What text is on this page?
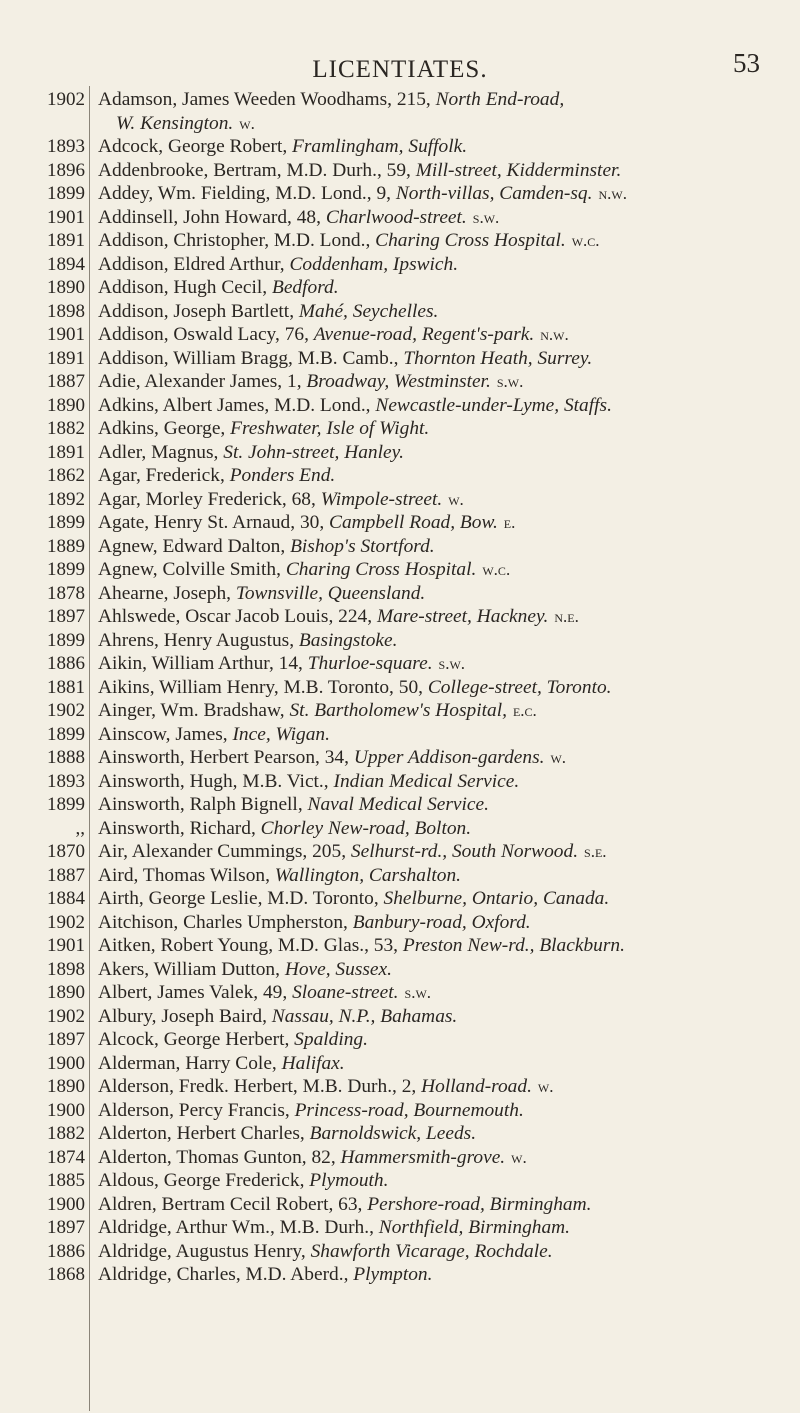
LICENTIATES.	53
1902
1893
1896
1899
1901
1891
1894
1890
1898
1901
1891
1887
1890
1882
1891
1862
1892
1899
1889
1899
1878
1897
1899
1886
1881
1902
1899
1888
1893
1899
,,
1870
1887
1884
1902
1901
1898
1890
1902
1897
1900
1890
1900
1882
1874
1885
1900
1897
1886
1868
Adamson, James Weeden Woodhams, 215, North End-road,
W. Kensington. w.
Adcock, George Robert, Framlingham, Suffolk.
Addenbrooke, Bertram, M.D. Durh., 59, Mill-street, Kidderminster.
Addey, Wm. Fielding, M.D. Lond., 9, North-villas, Camden-sq. n.w.
Addinsell, John Howard, 48, Charlwood-street. s.w.
Addison, Christopher, M.D. Lond., Charing Cross Hospital. w.c.
Addison, Eldred Arthur, Coddenham, Ipswich.
Addison, Hugh Cecil, Bedford.
Addison, Joseph Bartlett, Mahé, Seychelles.
Addison, Oswald Lacy, 76, Avenue-road, Regent's-park. n.w.
Addison, William Bragg, M.B. Camb., Thornton Heath, Surrey.
Adie, Alexander James, 1, Broadway, Westminster. s.w.
Adkins, Albert James, M.D. Lond., Newcastle-under-Lyme, Staffs.
Adkins, George, Freshwater, Isle of Wight.
Adler, Magnus, St. John-street, Hanley.
Agar, Frederick, Ponders End.
Agar, Morley Frederick, 68, Wimpole-street. w.
Agate, Henry St. Arnaud, 30, Campbell Road, Bow. e.
Agnew, Edward Dalton, Bishop's Stortford.
Agnew, Colville Smith, Charing Cross Hospital. w.c.
Ahearne, Joseph, Townsville, Queensland.
Ahlswede, Oscar Jacob Louis, 224, Mare-street, Hackney. n.e.
Ahrens, Henry Augustus, Basingstoke.
Aikin, William Arthur, 14, Thurloe-square. s.w.
Aikins, William Henry, M.B. Toronto, 50, College-street, Toronto.
Ainger, Wm. Bradshaw, St. Bartholomew's Hospital, e.c.
Ainscow, James, Ince, Wigan.
Ainsworth, Herbert Pearson, 34, Upper Addison-gardens. w.
Ainsworth, Hugh, M.B. Vict., Indian Medical Service.
Ainsworth, Ralph Bignell, Naval Medical Service.
Ainsworth, Richard, Chorley New-road, Bolton.
Air, Alexander Cummings, 205, Selhurst-rd., South Norwood. s.e.
Aird, Thomas Wilson, Wallington, Carshalton.
Airth, George Leslie, M.D. Toronto, Shelburne, Ontario, Canada.
Aitchison, Charles Umpherston, Banbury-road, Oxford.
Aitken, Robert Young, M.D. Glas., 53, Preston New-rd., Blackburn.
Akers, William Dutton, Hove, Sussex.
Albert, James Valek, 49, Sloane-street. s.w.
Albury, Joseph Baird, Nassau, N.P., Bahamas.
Alcock, George Herbert, Spalding.
Alderman, Harry Cole, Halifax.
Alderson, Fredk. Herbert, M.B. Durh., 2, Holland-road. w.
Alderson, Percy Francis, Princess-road, Bournemouth.
Alderton, Herbert Charles, Barnoldswick, Leeds.
Alderton, Thomas Gunton, 82, Hammersmith-grove. w.
Aldous, George Frederick, Plymouth.
Aldren, Bertram Cecil Robert, 63, Pershore-road, Birmingham.
Aldridge, Arthur Wm., M.B. Durh., Northfield, Birmingham.
Aldridge, Augustus Henry, Shawforth Vicarage, Rochdale.
Aldridge, Charles, M.D. Aberd., Plympton.
